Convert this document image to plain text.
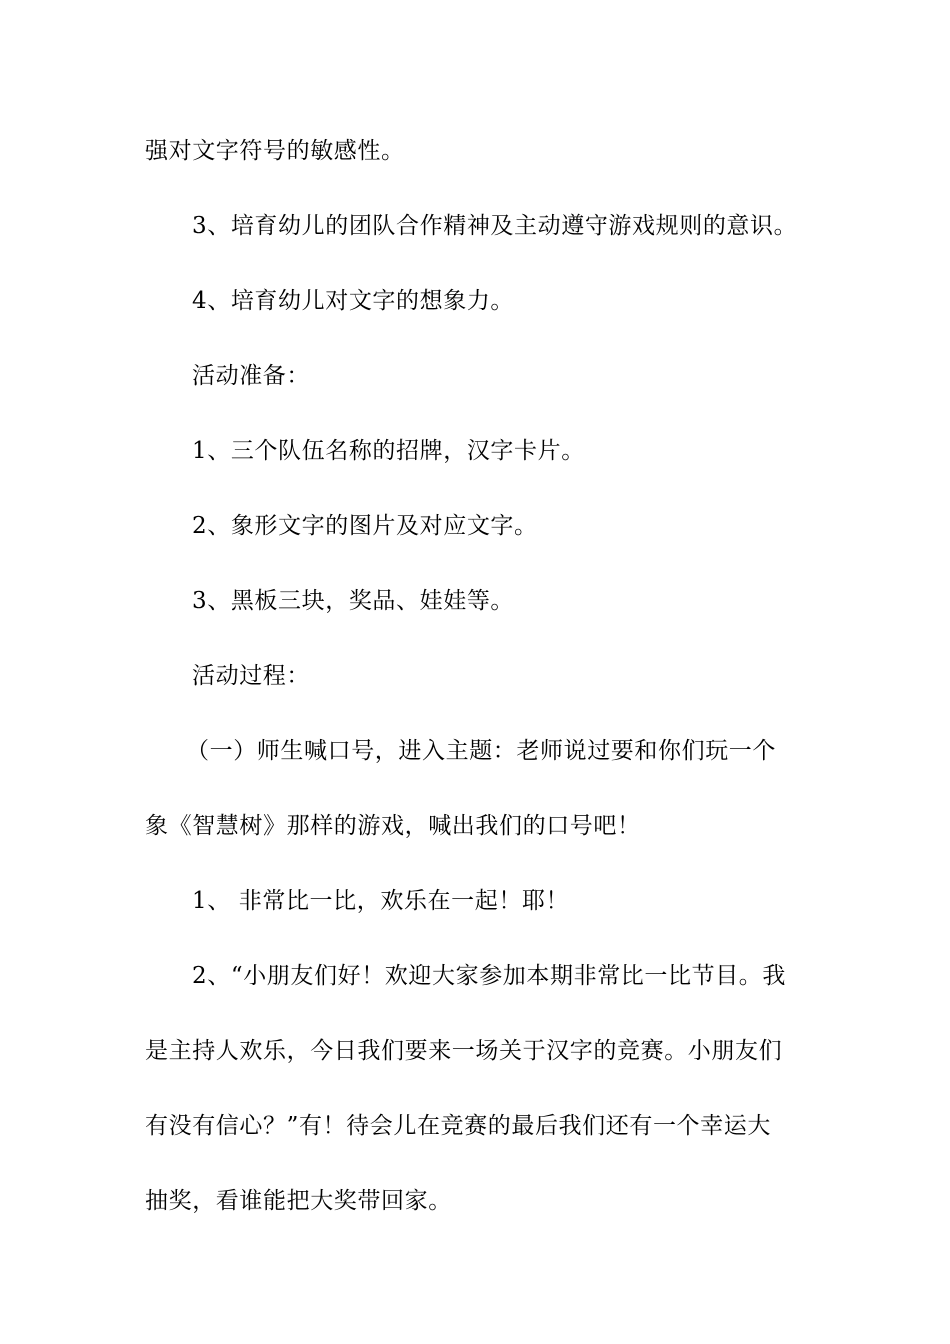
强对文字符号的敏感性。
3、培育幼儿的团队合作精神及主动遵守游戏规则的意识。
4、培育幼儿对文字的想象力。
活动准备：
1、三个队伍名称的招牌，汉字卡片。
2、象形文字的图片及对应文字。
3、黑板三块，奖品、娃娃等。
活动过程：
（一）师生喊口号，进入主题：老师说过要和你们玩一个
象《智慧树》那样的游戏，喊出我们的口号吧！
1、 非常比一比，欢乐在一起！耶！
2、“小朋友们好！欢迎大家参加本期非常比一比节目。我
是主持人欢乐，今日我们要来一场关于汉字的竞赛。小朋友们
有没有信心？”有！待会儿在竞赛的最后我们还有一个幸运大
抽奖，看谁能把大奖带回家。
